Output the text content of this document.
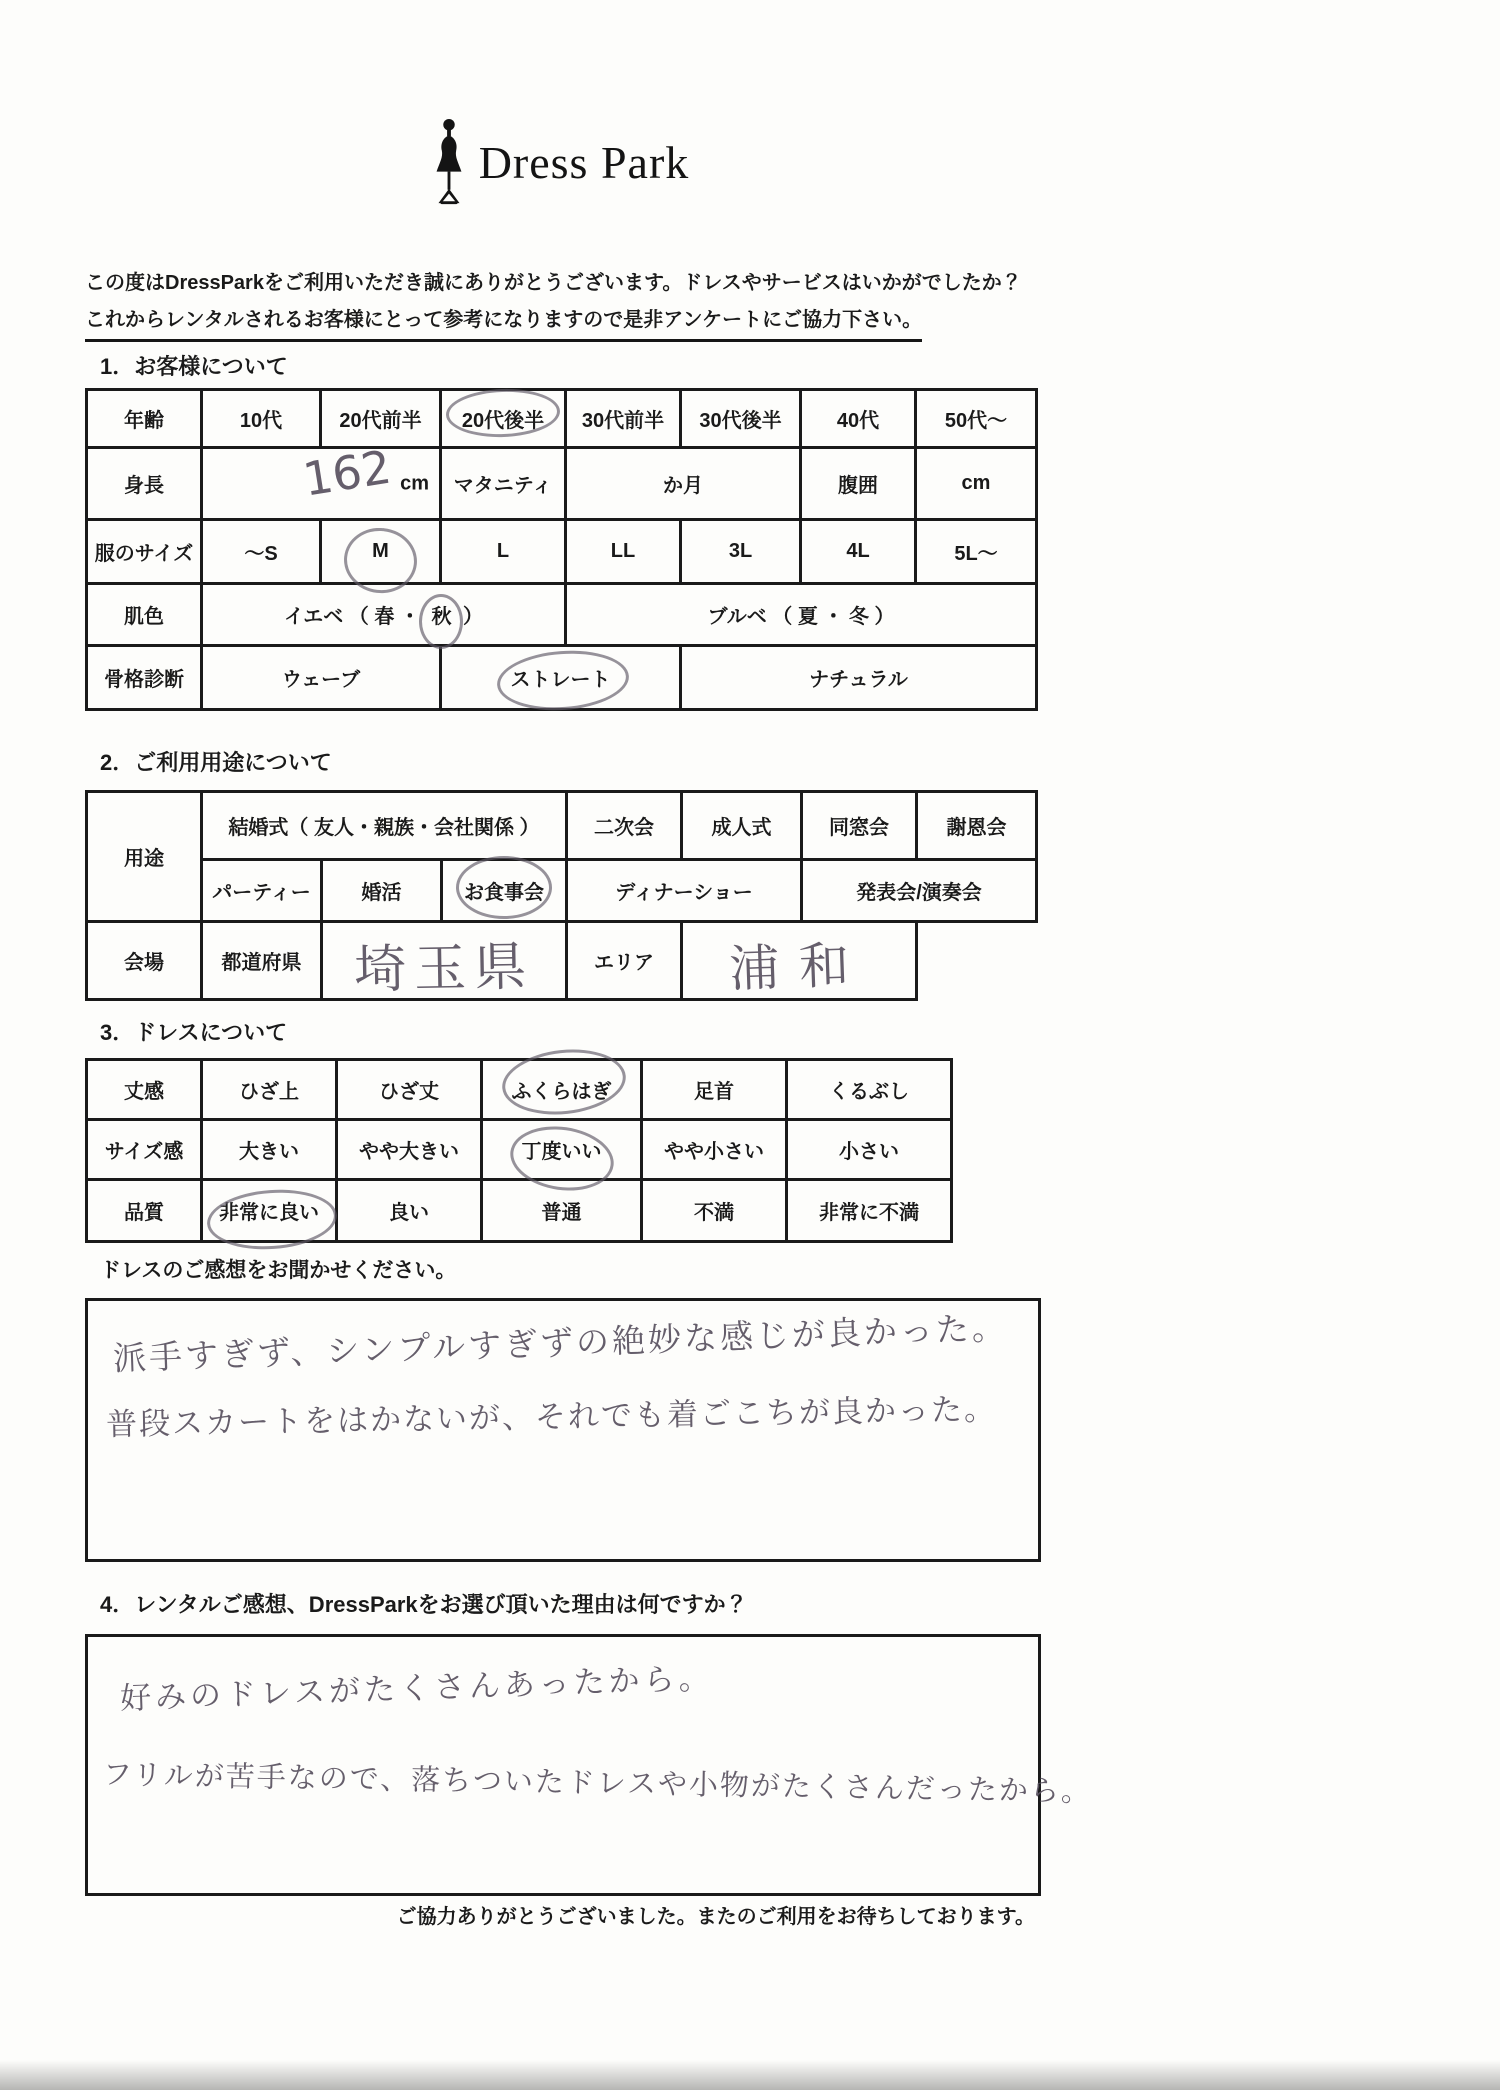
Dress Park

この度はDressParkをご利用いただき誠にありがとうございます。ドレスやサービスはいかがでしたか？

これからレンタルされるお客様にとって参考になりますので是非アンケートにご協力下さい。

1．お客様について
年齢	10代	20代前半	20代後半	30代前半	30代後半	40代	50代～
身長	162 cm		マタニティ	か月		腹囲	cm
服のサイズ	～S	M	L	LL	3L	4L	5L～
肌色	イエベ （ 春 ・ 秋 ）			ブルベ （ 夏 ・ 冬 ）			
骨格診断	ウェーブ		ストレート		ナチュラル		
2．ご利用用途について
用途	結婚式（ 友人・親族・会社関係 ）			二次会	成人式	同窓会	謝恩会
	パーティー	婚活	お食事会	ディナーショー		発表会/演奏会	
会場	都道府県	埼玉県		エリア	浦和		
3．ドレスについて
丈感	ひざ上	ひざ丈	ふくらはぎ	足首	くるぶし
サイズ感	大きい	やや大きい	丁度いい	やや小さい	小さい
品質	非常に良い	良い	普通	不満	非常に不満

ドレスのご感想をお聞かせください。

派手すぎず、シンプルすぎずの絶妙な感じが良かった。
普段スカートをはかないが、それでも着ごこちが良かった。
4．レンタルご感想、DressParkをお選び頂いた理由は何ですか？
好みのドレスがたくさんあったから。
フリルが苦手なので、落ちついたドレスや小物がたくさんだったから。

ご協力ありがとうございました。またのご利用をお待ちしております。
